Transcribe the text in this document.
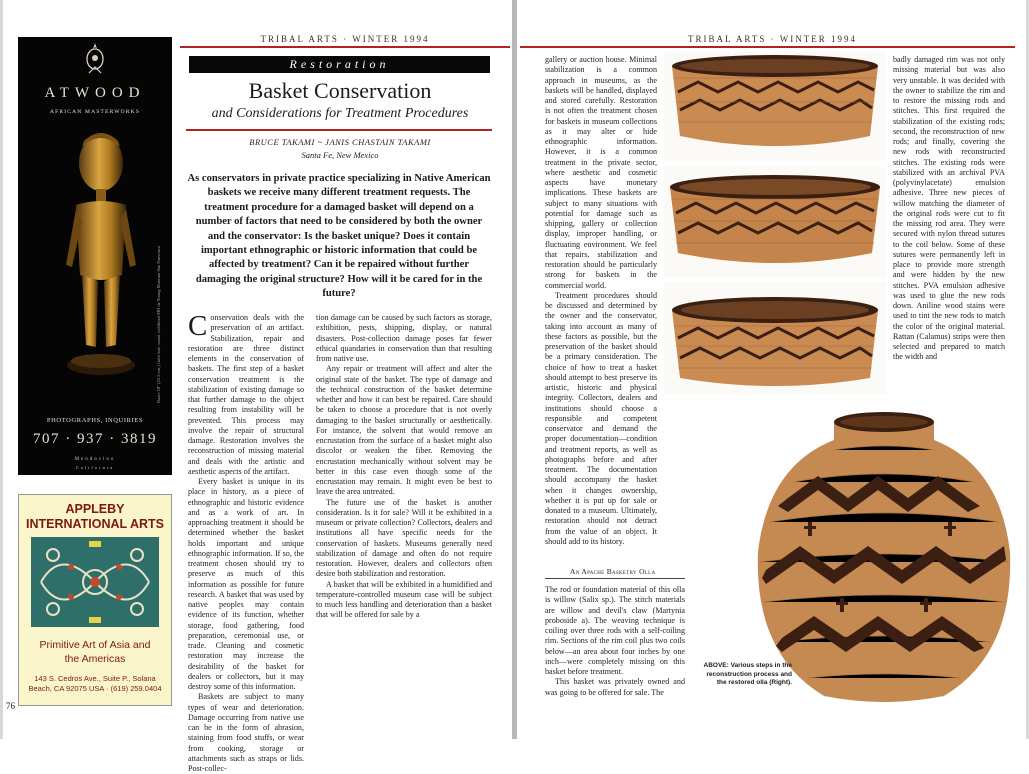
TRIBAL ARTS · WINTER 1994	TRIBAL ARTS · WINTER 1994
76
ATWOOD
AFRICAN MASTERWORKS
Baule 10" (25.5 cm.) Gold leaf, wood, exhibited MH de Young Museum San Francisco
PHOTOGRAPHS, INQUIRIES
707 · 937 · 3819
Mendocino
California
APPLEBY
INTERNATIONAL ARTS
Primitive Art of Asia and
the Americas
143 S. Cedros Ave., Suite P., Solana
Beach, CA 92075 USA · (619) 259.0404
Restoration
Basket Conservation
and Considerations for Treatment Procedures
BRUCE TAKAMI ~ JANIS CHASTAIN TAKAMI
Santa Fe, New Mexico
As conservators in private practice specializing in Native American baskets we receive many different treatment requests. The treatment procedure for a damaged basket will depend on a number of factors that need to be considered by both the owner and the conservator: Is the basket unique? Does it contain important ethnographic or historic information that could be affected by treatment? Can it be repaired without further damaging the original structure? How will it be cared for in the future?

Conservation deals with the preservation of an artifact. Stabilization, repair and restoration are three distinct elements in the conservation of baskets. The first step of a basket conservation treatment is the stabilization of existing damage so that further damage to the object resulting from instability will be prevented. This process may involve the repair of structural damage. Restoration involves the reconstruction of missing material and deals with the artistic and aesthetic aspects of the artifact.

Every basket is unique in its place in history, as a piece of ethnographic and historic evidence and as a work of art. In approaching treatment it should be determined whether the basket holds important and unique ethnographic information. If so, the treatment chosen should try to preserve as much of this information as possible for future research. A basket that was used by native peoples may contain evidence of its function, whether storage, food gathering, food preparation, ceremonial use, or trade. Cleaning and cosmetic restoration may increase the desirability of the basket for dealers or collectors, but it may destroy some of this information.

Baskets are subject to many types of wear and deterioration. Damage occurring from native use can be in the form of abrasion, staining from food stuffs, or wear from cooking, storage or attachments such as straps or lids. Post-collec-

tion damage can be caused by such factors as storage, exhibition, pests, shipping, display, or natural disasters. Post-collection damage poses far fewer ethical quandaries in conservation than that resulting from native use.

Any repair or treatment will affect and alter the original state of the basket. The type of damage and the technical construction of the basket determine whether and how it can best be repaired. Care should be taken to choose a procedure that is not overly damaging to the basket structurally or aesthetically. For instance, the solvent that would remove an encrustation from the surface of a basket might also discolor or weaken the fiber. Removing the encrustation mechanically without solvent may be better in this case even though some of the encrustation may remain. It might even be best to leave the area untreated.

The future use of the basket is another consideration. Is it for sale? Will it be exhibited in a museum or private collection? Collectors, dealers and institutions all have specific needs for the conservation of baskets. Museums generally need stabilization of damage and often do not require restoration. However, dealers and collectors often desire both stabilization and restoration.

A basket that will be exhibited in a humidified and temperature-controlled museum case will be subject to much less handling and deterioration than a basket that will be offered for sale by a

gallery or auction house. Minimal stabilization is a common approach in museums, as the baskets will be handled, displayed and stored carefully. Restoration is not often the treatment chosen for baskets in museum collections as it may alter or hide ethnographic information. However, it is a common treatment in the private sector, where aesthetic and cosmetic aspects have monetary implications. These baskets are subject to many situations with potential for damage such as shipping, gallery or collection display, improper handling, or fluctuating environment. We feel that repairs, stabilization and restoration should be particularly strong for baskets in the commercial world.

Treatment procedures should be discussed and determined by the owner and the conservator, taking into account as many of these factors as possible, but the preservation of the basket should be a primary consideration. The choice of how to treat a basket should attempt to best preserve its artistic, historic and physical integrity. Collectors, dealers and institutions should choose a responsible and competent conservator and demand the proper documentation—condition and treatment reports, as well as photographs before and after treatment. The documentation should accompany the basket when it changes ownership, whether it is put up for sale or donated to a museum. Ultimately, restoration should not detract from the value of an object. It should add to its history.

An Apache Basketry Olla

The rod or foundation material of this olla is willow (Salix sp.). The stitch materials are willow and devil's claw (Martynia proboside a). The weaving technique is coiling over three rods with a self-coiling rim. Sections of the rim coil plus two coils below—an area about four inches by one inch—were completely missing on this basket before treatment.

This basket was privately owned and was going to be offered for sale. The

badly damaged rim was not only missing material but was also very unstable. It was decided with the owner to stabilize the rim and to restore the missing rods and stitches. This first required the stabilization of the existing rods; second, the reconstruction of new rods; and finally, covering the new rods with reconstructed stitches. The existing rods were stabilized with an archival PVA (polyvinylacetate) emulsion adhesive. Three new pieces of willow matching the diameter of the original rods were cut to fit the missing rod area. They were secured with nylon thread sutures to the coil below. Some of these sutures were permanently left in place to provide more strength and were hidden by the new stitches. PVA emulsion adhesive was used to glue the new rods down. Aniline wood stains were used to tint the new rods to match the color of the original material. Rattan (Calamus) strips were then selected and prepared to match the width and

ABOVE: Various steps in the reconstruction process and the restored olla (Right).
